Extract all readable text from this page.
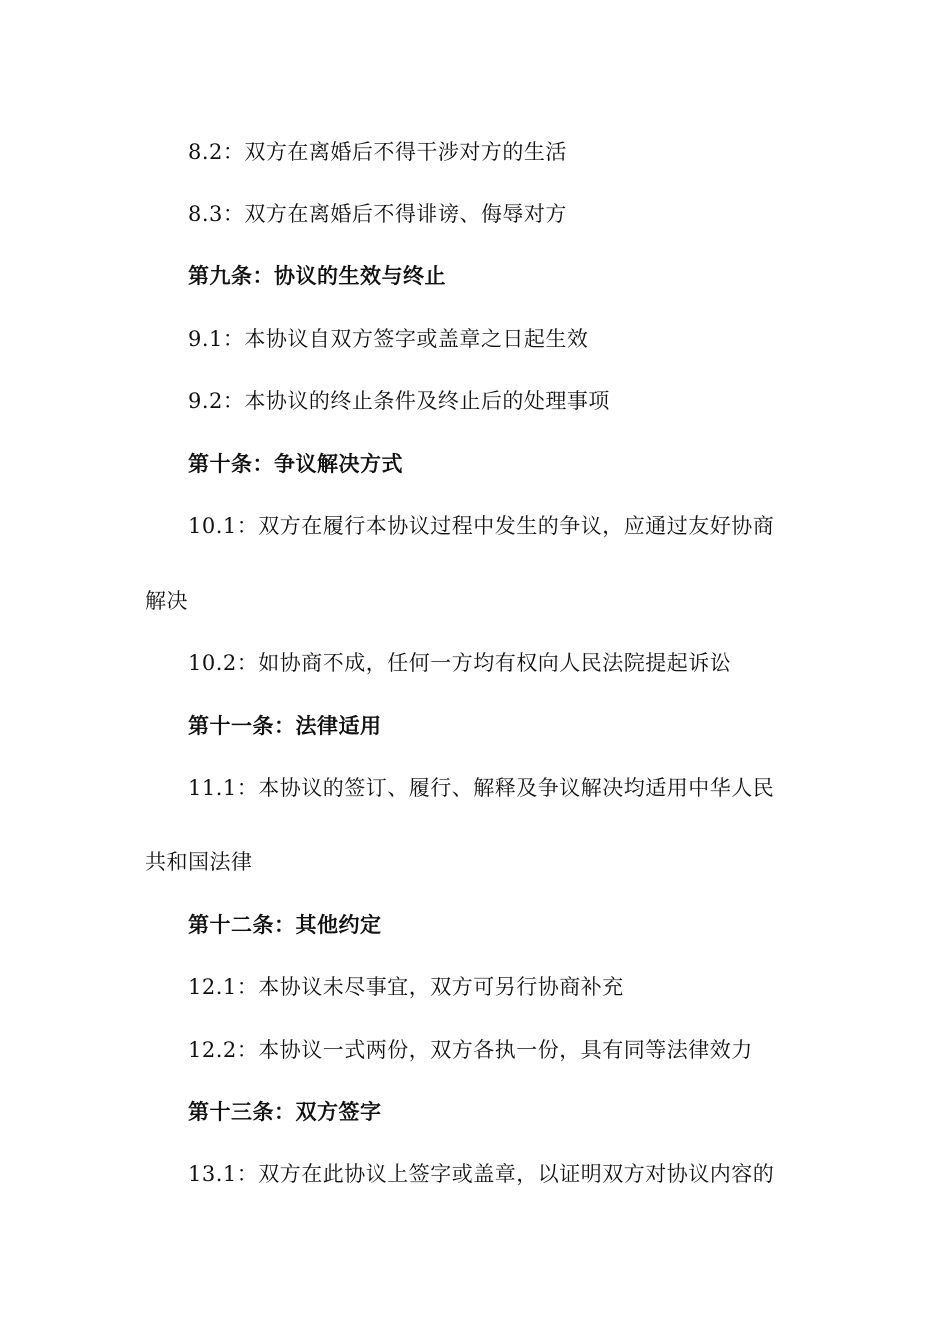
8.2：双方在离婚后不得干涉对方的生活
8.3：双方在离婚后不得诽谤、侮辱对方
第九条：协议的生效与终止
9.1：本协议自双方签字或盖章之日起生效
9.2：本协议的终止条件及终止后的处理事项
第十条：争议解决方式
10.1：双方在履行本协议过程中发生的争议，应通过友好协商
解决
10.2：如协商不成，任何一方均有权向人民法院提起诉讼
第十一条：法律适用
11.1：本协议的签订、履行、解释及争议解决均适用中华人民
共和国法律
第十二条：其他约定
12.1：本协议未尽事宜，双方可另行协商补充
12.2：本协议一式两份，双方各执一份，具有同等法律效力
第十三条：双方签字
13.1：双方在此协议上签字或盖章，以证明双方对协议内容的
